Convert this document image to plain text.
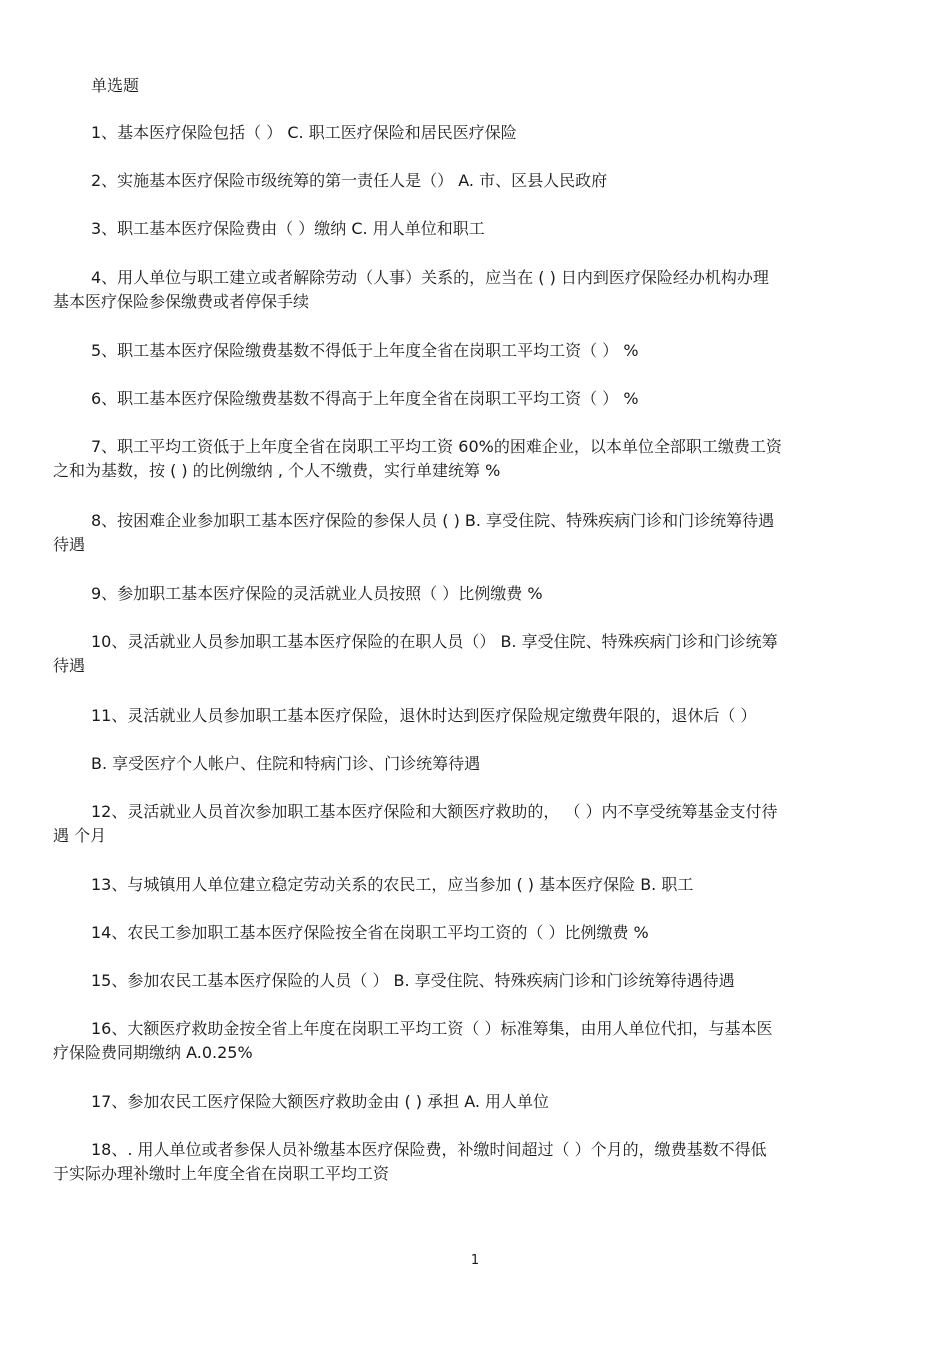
单选题
1、基本医疗保险包括（ ） C. 职工医疗保险和居民医疗保险
2、实施基本医疗保险市级统筹的第一责任人是（） A. 市、区县人民政府
3、职工基本医疗保险费由（ ）缴纳 C. 用人单位和职工
4、用人单位与职工建立或者解除劳动（人事）关系的，应当在 ( ) 日内到医疗保险经办机构办理
基本医疗保险参保缴费或者停保手续
5、职工基本医疗保险缴费基数不得低于上年度全省在岗职工平均工资（ ） %
6、职工基本医疗保险缴费基数不得高于上年度全省在岗职工平均工资（ ） %
7、职工平均工资低于上年度全省在岗职工平均工资 60%的困难企业，以本单位全部职工缴费工资
之和为基数，按 ( ) 的比例缴纳 , 个人不缴费，实行单建统筹 %
8、按困难企业参加职工基本医疗保险的参保人员 ( ) B. 享受住院、特殊疾病门诊和门诊统筹待遇
待遇
9、参加职工基本医疗保险的灵活就业人员按照（ ）比例缴费 %
10、灵活就业人员参加职工基本医疗保险的在职人员（） B. 享受住院、特殊疾病门诊和门诊统筹
待遇
11、灵活就业人员参加职工基本医疗保险，退休时达到医疗保险规定缴费年限的，退休后（ ）
B. 享受医疗个人帐户、住院和特病门诊、门诊统筹待遇
12、灵活就业人员首次参加职工基本医疗保险和大额医疗救助的， （ ）内不享受统筹基金支付待
遇 个月
13、与城镇用人单位建立稳定劳动关系的农民工，应当参加 ( ) 基本医疗保险 B. 职工
14、农民工参加职工基本医疗保险按全省在岗职工平均工资的（ ）比例缴费 %
15、参加农民工基本医疗保险的人员（ ） B. 享受住院、特殊疾病门诊和门诊统筹待遇待遇
16、大额医疗救助金按全省上年度在岗职工平均工资（ ）标准筹集，由用人单位代扣，与基本医
疗保险费同期缴纳 A.0.25%
17、参加农民工医疗保险大额医疗救助金由 ( ) 承担 A. 用人单位
18、. 用人单位或者参保人员补缴基本医疗保险费，补缴时间超过（ ）个月的，缴费基数不得低
于实际办理补缴时上年度全省在岗职工平均工资
1
